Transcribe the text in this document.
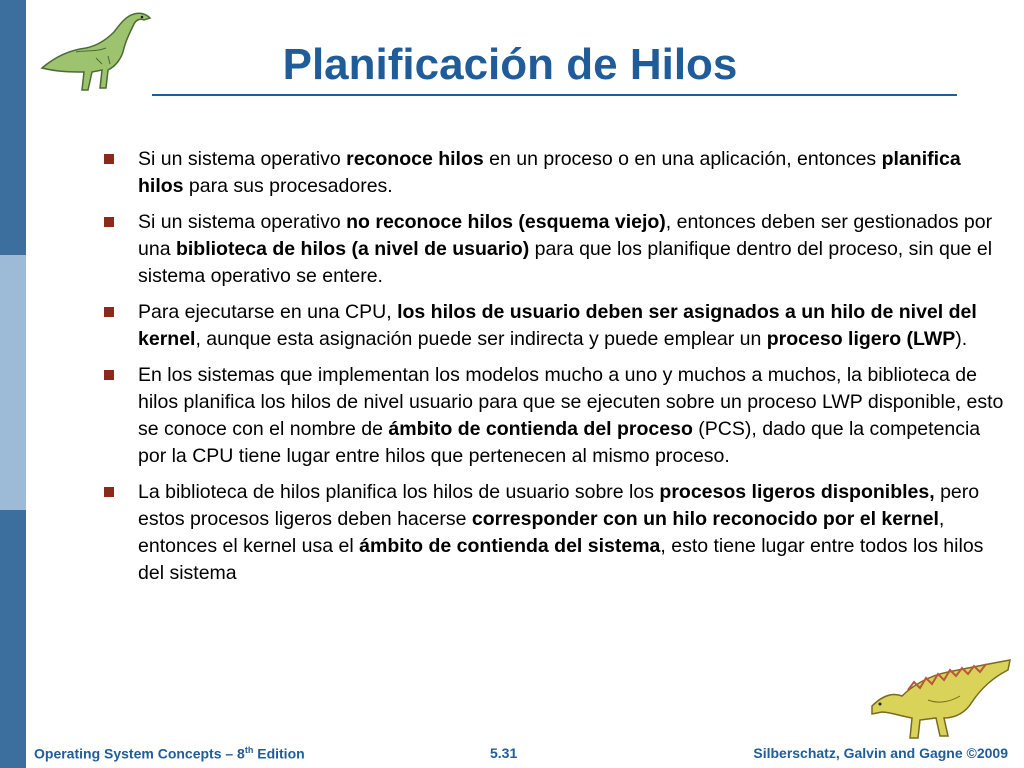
Planificación de Hilos
Si un sistema operativo reconoce hilos en un proceso o en una aplicación, entonces planifica hilos para sus procesadores.
Si un sistema operativo no reconoce hilos (esquema viejo), entonces deben ser gestionados por una biblioteca de hilos (a nivel de usuario) para que los planifique dentro del proceso, sin que el sistema operativo se entere.
Para ejecutarse en una CPU, los hilos de usuario deben ser asignados a un hilo de nivel del kernel, aunque esta asignación puede ser indirecta y puede emplear un proceso ligero (LWP).
En los sistemas que implementan los modelos mucho a uno y muchos a muchos, la biblioteca de hilos planifica los hilos de nivel usuario para que se ejecuten sobre un proceso LWP disponible, esto se conoce con el nombre de ámbito de contienda del proceso (PCS), dado que la competencia por la CPU tiene lugar entre hilos que pertenecen al mismo proceso.
La biblioteca de hilos planifica los hilos de usuario sobre los procesos ligeros disponibles, pero estos procesos ligeros deben hacerse corresponder con un hilo reconocido por el kernel, entonces el kernel usa el ámbito de contienda del sistema, esto tiene lugar entre todos los hilos del sistema
Operating System Concepts – 8th Edition	5.31	Silberschatz, Galvin and Gagne ©2009
